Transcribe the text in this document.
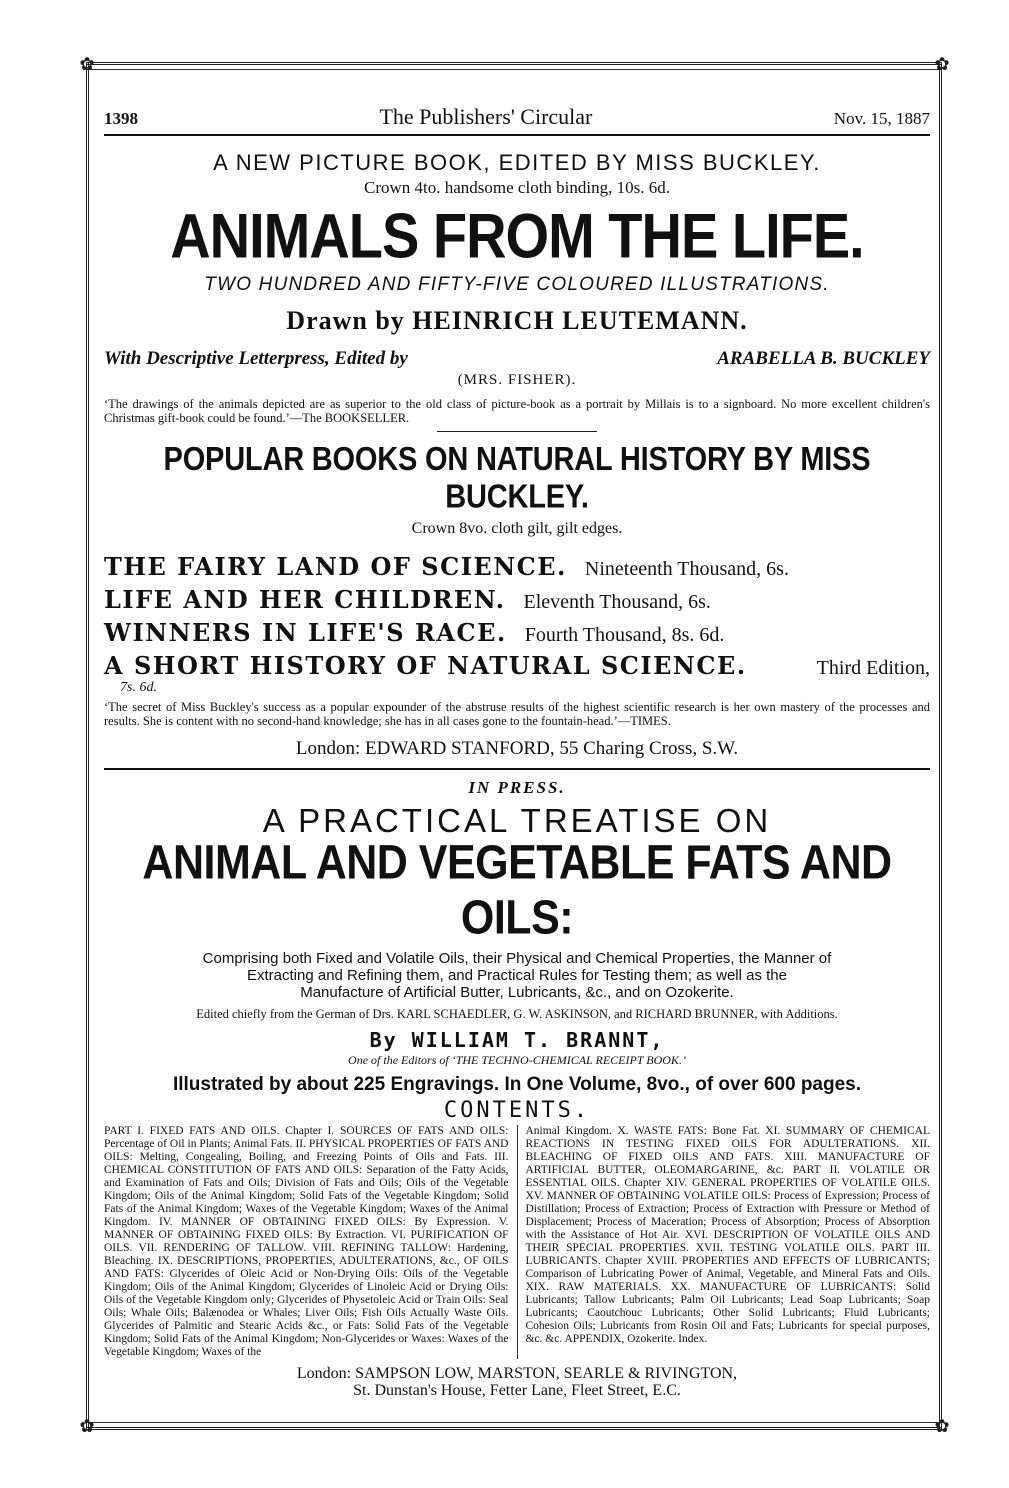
✿	✿
✿	✿
1398	The Publishers' Circular	Nov. 15, 1887
A NEW PICTURE BOOK, EDITED BY MISS BUCKLEY.
Crown 4to. handsome cloth binding, 10s. 6d.
ANIMALS FROM THE LIFE.
TWO HUNDRED AND FIFTY-FIVE COLOURED ILLUSTRATIONS.
Drawn by HEINRICH LEUTEMANN.
With Descriptive Letterpress, Edited by	ARABELLA B. BUCKLEY
(MRS. FISHER).
‘The drawings of the animals depicted are as superior to the old class of picture-book as a portrait by Millais is to a signboard. No more excellent children's Christmas gift-book could be found.’—The BOOKSELLER.
POPULAR BOOKS ON NATURAL HISTORY BY MISS BUCKLEY.
Crown 8vo. cloth gilt, gilt edges.
THE FAIRY LAND OF SCIENCE. Nineteenth Thousand, 6s.
LIFE AND HER CHILDREN. Eleventh Thousand, 6s.
WINNERS IN LIFE'S RACE. Fourth Thousand, 8s. 6d.
A SHORT HISTORY OF NATURAL SCIENCE.	Third Edition,
7s. 6d.
‘The secret of Miss Buckley's success as a popular expounder of the abstruse results of the highest scientific research is her own mastery of the processes and results. She is content with no second-hand knowledge; she has in all cases gone to the fountain-head.’—TIMES.
London: EDWARD STANFORD, 55 Charing Cross, S.W.
IN PRESS.
A PRACTICAL TREATISE ON
ANIMAL AND VEGETABLE FATS AND OILS:
Comprising both Fixed and Volatile Oils, their Physical and Chemical Properties, the Manner of
Extracting and Refining them, and Practical Rules for Testing them; as well as the
Manufacture of Artificial Butter, Lubricants, &c., and on Ozokerite.
Edited chiefly from the German of Drs. KARL SCHAEDLER, G. W. ASKINSON, and RICHARD BRUNNER, with Additions.
By WILLIAM T. BRANNT,
One of the Editors of ‘THE TECHNO-CHEMICAL RECEIPT BOOK.’
Illustrated by about 225 Engravings. In One Volume, 8vo., of over 600 pages.
CONTENTS.
PART I. FIXED FATS AND OILS. Chapter I. SOURCES OF FATS AND OILS: Percentage of Oil in Plants; Animal Fats. II. PHYSICAL PROPERTIES OF FATS AND OILS: Melting, Congealing, Boiling, and Freezing Points of Oils and Fats. III. CHEMICAL CONSTITUTION OF FATS AND OILS: Separation of the Fatty Acids, and Examination of Fats and Oils; Division of Fats and Oils; Oils of the Vegetable Kingdom; Oils of the Animal Kingdom; Solid Fats of the Vegetable Kingdom; Solid Fats of the Animal Kingdom; Waxes of the Vegetable Kingdom; Waxes of the Animal Kingdom. IV. MANNER OF OBTAINING FIXED OILS: By Expression. V. MANNER OF OBTAINING FIXED OILS: By Extraction. VI. PURIFICATION OF OILS. VII. RENDERING OF TALLOW. VIII. REFINING TALLOW: Hardening, Bleaching. IX. DESCRIPTIONS, PROPERTIES, ADULTERATIONS, &c., OF OILS AND FATS: Glycerides of Oleic Acid or Non-Drying Oils: Oils of the Vegetable Kingdom; Oils of the Animal Kingdom; Glycerides of Linoleic Acid or Drying Oils: Oils of the Vegetable Kingdom only; Glycerides of Physetoleic Acid or Train Oils: Seal Oils; Whale Oils; Balænodea or Whales; Liver Oils; Fish Oils Actually Waste Oils. Glycerides of Palmitic and Stearic Acids &c., or Fats: Solid Fats of the Vegetable Kingdom; Solid Fats of the Animal Kingdom; Non-Glycerides or Waxes: Waxes of the Vegetable Kingdom; Waxes of the
Animal Kingdom. X. WASTE FATS: Bone Fat. XI. SUMMARY OF CHEMICAL REACTIONS IN TESTING FIXED OILS FOR ADULTERATIONS. XII. BLEACHING OF FIXED OILS AND FATS. XIII. MANUFACTURE OF ARTIFICIAL BUTTER, OLEOMARGARINE, &c. PART II. VOLATILE OR ESSENTIAL OILS. Chapter XIV. GENERAL PROPERTIES OF VOLATILE OILS. XV. MANNER OF OBTAINING VOLATILE OILS: Process of Expression; Process of Distillation; Process of Extraction; Process of Extraction with Pressure or Method of Displacement; Process of Maceration; Process of Absorption; Process of Absorption with the Assistance of Hot Air. XVI. DESCRIPTION OF VOLATILE OILS AND THEIR SPECIAL PROPERTIES. XVII. TESTING VOLATILE OILS. PART III. LUBRICANTS. Chapter XVIII. PROPERTIES AND EFFECTS OF LUBRICANTS; Comparison of Lubricating Power of Animal, Vegetable, and Mineral Fats and Oils. XIX. RAW MATERIALS. XX. MANUFACTURE OF LUBRICANTS: Solid Lubricants; Tallow Lubricants; Palm Oil Lubricants; Lead Soap Lubricants; Soap Lubricants; Caoutchouc Lubricants; Other Solid Lubricants; Fluid Lubricants; Cohesion Oils; Lubricants from Rosin Oil and Fats; Lubricants for special purposes, &c. &c. APPENDIX, Ozokerite. Index.
London: SAMPSON LOW, MARSTON, SEARLE & RIVINGTON,
St. Dunstan's House, Fetter Lane, Fleet Street, E.C.
